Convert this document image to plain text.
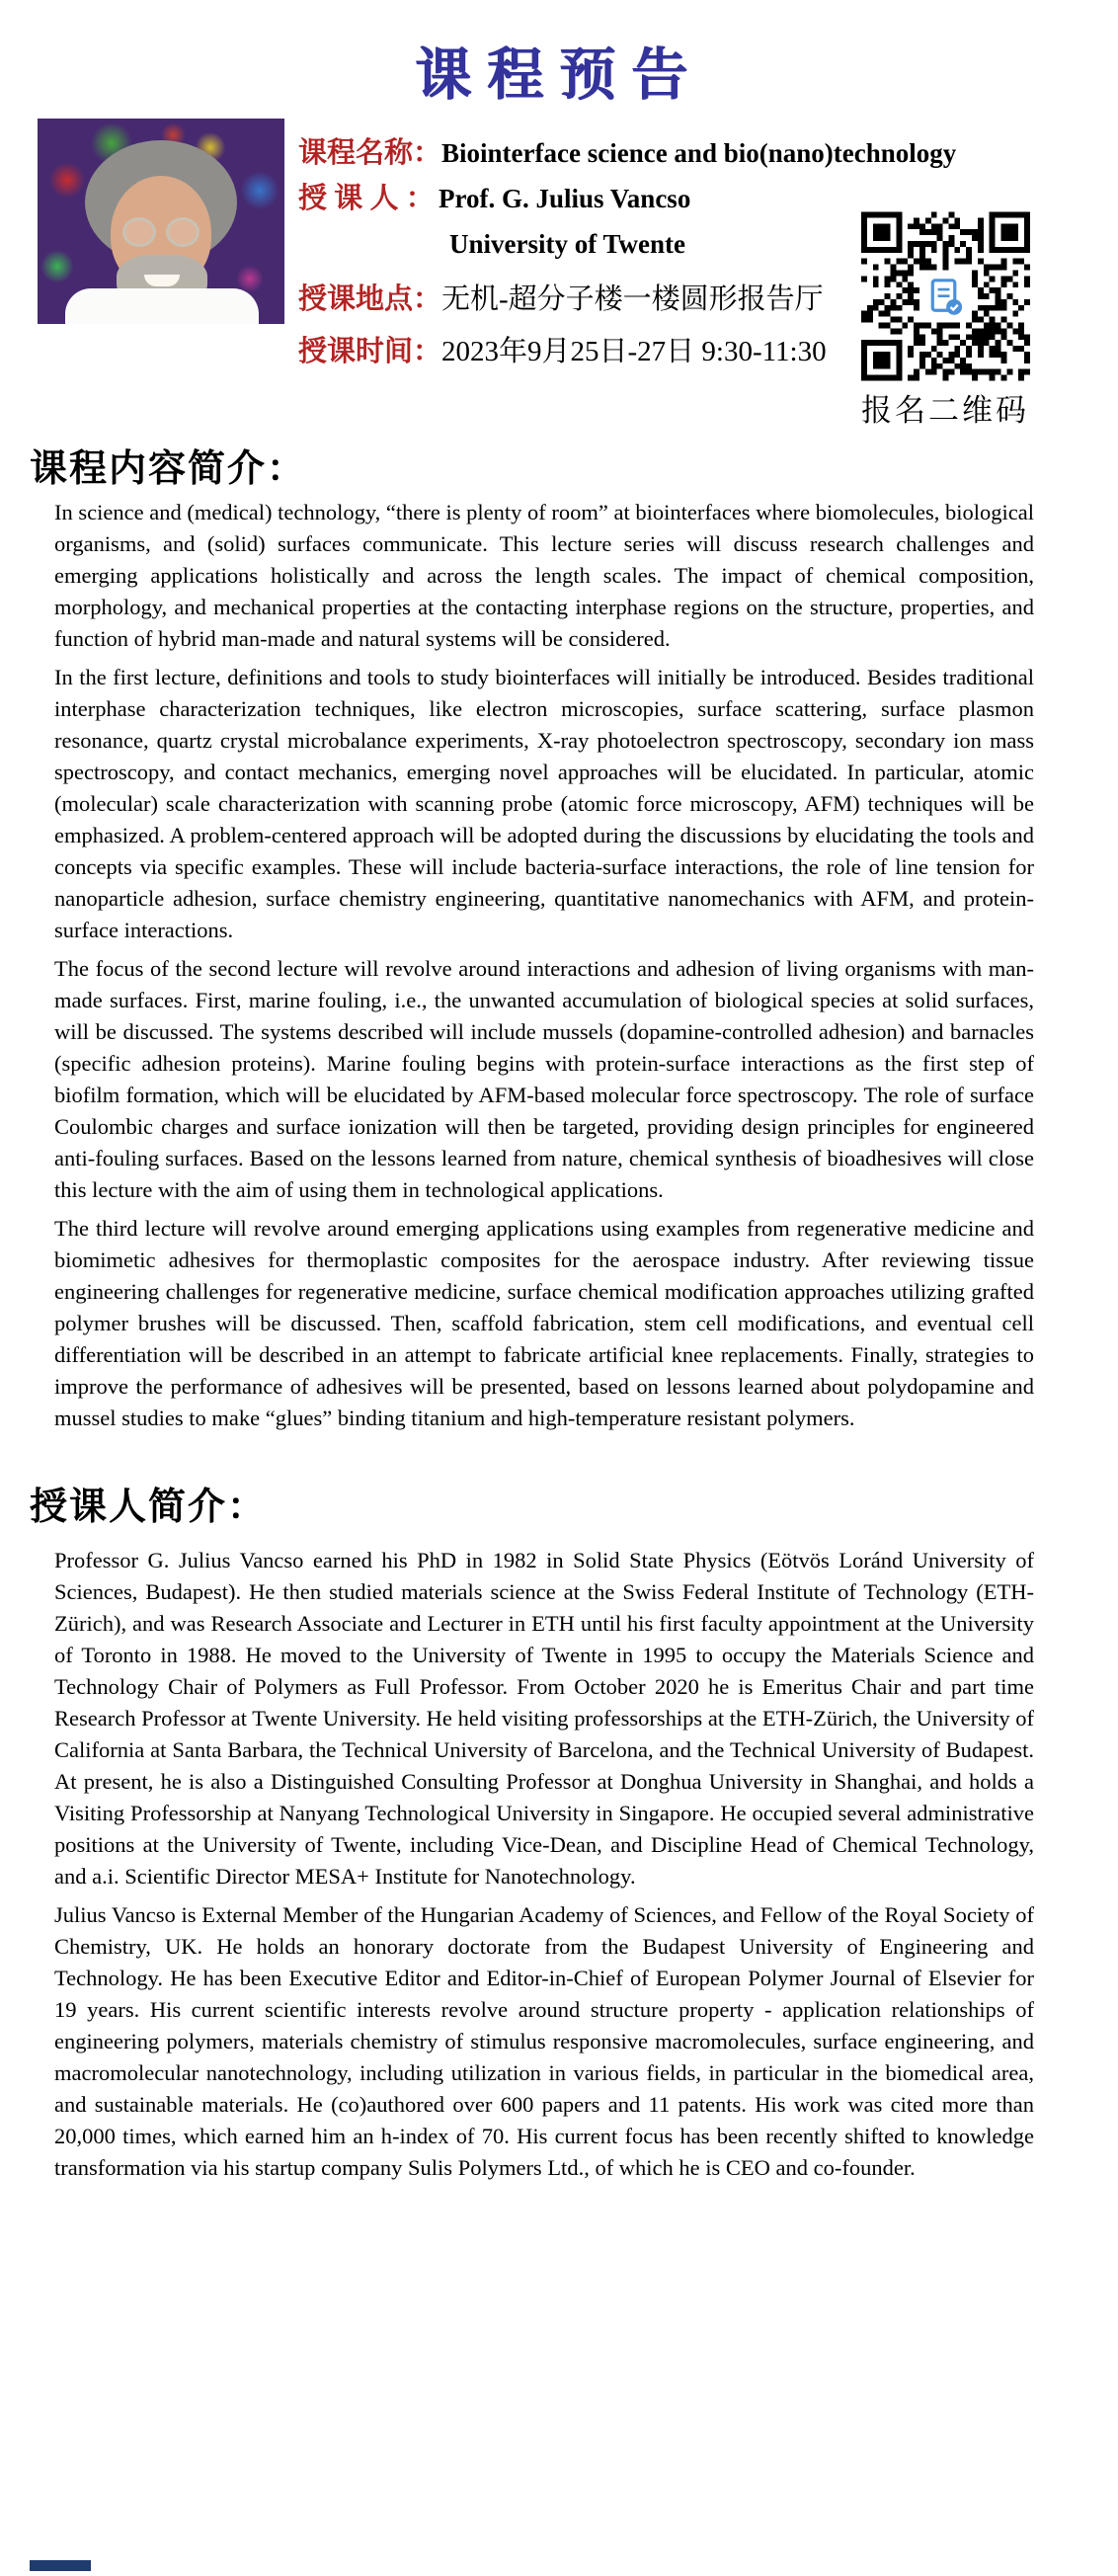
课程预告
课程名称：Biointerface science and bio(nano)technology
授 课 人 ： Prof. G. Julius Vancso
University of Twente
授课地点：无机-超分子楼一楼圆形报告厅
授课时间：2023年9月25日-27日 9:30-11:30
报名二维码
课程内容简介：

In science and (medical) technology, “there is plenty of room” at biointerfaces where biomolecules, biological organisms, and (solid) surfaces communicate. This lecture series will discuss research challenges and emerging applications holistically and across the length scales. The impact of chemical composition, morphology, and mechanical properties at the contacting interphase regions on the structure, properties, and function of hybrid man-made and natural systems will be considered.

In the first lecture, definitions and tools to study biointerfaces will initially be introduced. Besides traditional interphase characterization techniques, like electron microscopies, surface scattering, surface plasmon resonance, quartz crystal microbalance experiments, X-ray photoelectron spectroscopy, secondary ion mass spectroscopy, and contact mechanics, emerging novel approaches will be elucidated. In particular, atomic (molecular) scale characterization with scanning probe (atomic force microscopy, AFM) techniques will be emphasized. A problem-centered approach will be adopted during the discussions by elucidating the tools and concepts via specific examples. These will include bacteria-surface interactions, the role of line tension for nanoparticle adhesion, surface chemistry engineering, quantitative nanomechanics with AFM, and protein-surface interactions.

The focus of the second lecture will revolve around interactions and adhesion of living organisms with man-made surfaces. First, marine fouling, i.e., the unwanted accumulation of biological species at solid surfaces, will be discussed. The systems described will include mussels (dopamine-controlled adhesion) and barnacles (specific adhesion proteins). Marine fouling begins with protein-surface interactions as the first step of biofilm formation, which will be elucidated by AFM-based molecular force spectroscopy. The role of surface Coulombic charges and surface ionization will then be targeted, providing design principles for engineered anti-fouling surfaces. Based on the lessons learned from nature, chemical synthesis of bioadhesives will close this lecture with the aim of using them in technological applications.

The third lecture will revolve around emerging applications using examples from regenerative medicine and biomimetic adhesives for thermoplastic composites for the aerospace industry. After reviewing tissue engineering challenges for regenerative medicine, surface chemical modification approaches utilizing grafted polymer brushes will be discussed. Then, scaffold fabrication, stem cell modifications, and eventual cell differentiation will be described in an attempt to fabricate artificial knee replacements. Finally, strategies to improve the performance of adhesives will be presented, based on lessons learned about polydopamine and mussel studies to make “glues” binding titanium and high-temperature resistant polymers.

授课人简介：

Professor G. Julius Vancso earned his PhD in 1982 in Solid State Physics (Eötvös Loránd University of Sciences, Budapest). He then studied materials science at the Swiss Federal Institute of Technology (ETH-Zürich), and was Research Associate and Lecturer in ETH until his first faculty appointment at the University of Toronto in 1988. He moved to the University of Twente in 1995 to occupy the Materials Science and Technology Chair of Polymers as Full Professor. From October 2020 he is Emeritus Chair and part time Research Professor at Twente University. He held visiting professorships at the ETH-Zürich, the University of California at Santa Barbara, the Technical University of Barcelona, and the Technical University of Budapest. At present, he is also a Distinguished Consulting Professor at Donghua University in Shanghai, and holds a Visiting Professorship at Nanyang Technological University in Singapore. He occupied several administrative positions at the University of Twente, including Vice-Dean, and Discipline Head of Chemical Technology, and a.i. Scientific Director MESA+ Institute for Nanotechnology.

Julius Vancso is External Member of the Hungarian Academy of Sciences, and Fellow of the Royal Society of Chemistry, UK. He holds an honorary doctorate from the Budapest University of Engineering and Technology. He has been Executive Editor and Editor-in-Chief of European Polymer Journal of Elsevier for 19 years. His current scientific interests revolve around structure property - application relationships of engineering polymers, materials chemistry of stimulus responsive macromolecules, surface engineering, and macromolecular nanotechnology, including utilization in various fields, in particular in the biomedical area, and sustainable materials. He (co)authored over 600 papers and 11 patents. His work was cited more than 20,000 times, which earned him an h-index of 70. His current focus has been recently shifted to knowledge transformation via his startup company Sulis Polymers Ltd., of which he is CEO and co-founder.
